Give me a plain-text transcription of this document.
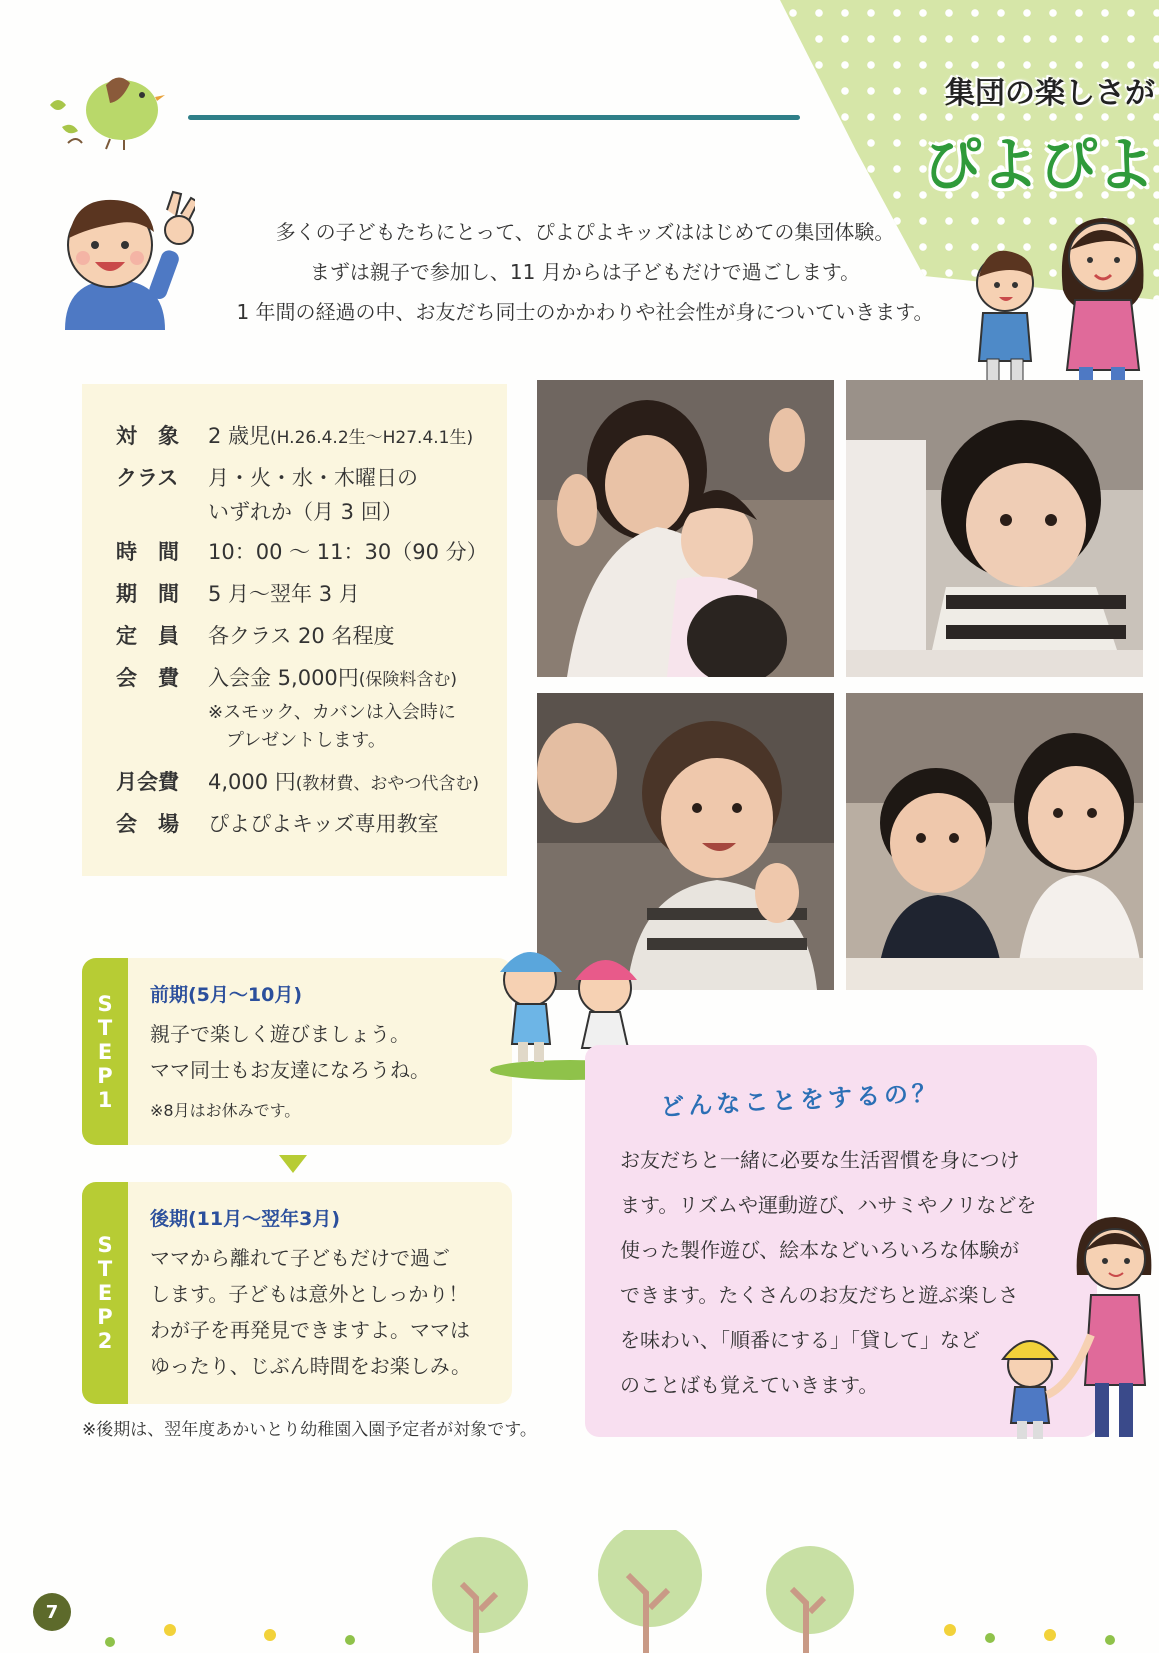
集団の楽しさが
ぴよぴよ

多くの子どもたちにとって、ぴよぴよキッズははじめての集団体験。

まずは親子で参加し、11 月からは子どもだけで過ごします。

1 年間の経過の中、お友だち同士のかかわりや社会性が身についていきます。

対　象 2 歳児(H.26.4.2生〜H27.4.1生)
クラス 月・火・水・木曜日の
いずれか（月 3 回）
時　間 10：00 〜 11：30（90 分）
期　間 5 月〜翌年 3 月
定　員 各クラス 20 名程度
会　費 入会金 5,000円(保険料含む)
※スモック、カバンは入会時に
　プレゼントします。
月会費 4,000 円(教材費、おやつ代含む)
会　場 ぴよぴよキッズ専用教室
S
T
E
P
1
前期(5月〜10月)
親子で楽しく遊びましょう。
ママ同士もお友達になろうね。
※8月はお休みです。
S
T
E
P
2
後期(11月〜翌年3月)
ママから離れて子どもだけで過ご
します。子どもは意外としっかり！
わが子を再発見できますよ。ママは
ゆったり、じぶん時間をお楽しみ。
※後期は、翌年度あかいとり幼稚園入園予定者が対象です。
どんなことをするの？

お友だちと一緒に必要な生活習慣を身につけ

ます。リズムや運動遊び、ハサミやノリなどを

使った製作遊び、絵本などいろいろな体験が

できます。たくさんのお友だちと遊ぶ楽しさ

を味わい、「順番にする」「貸して」など

のことばも覚えていきます。

7
